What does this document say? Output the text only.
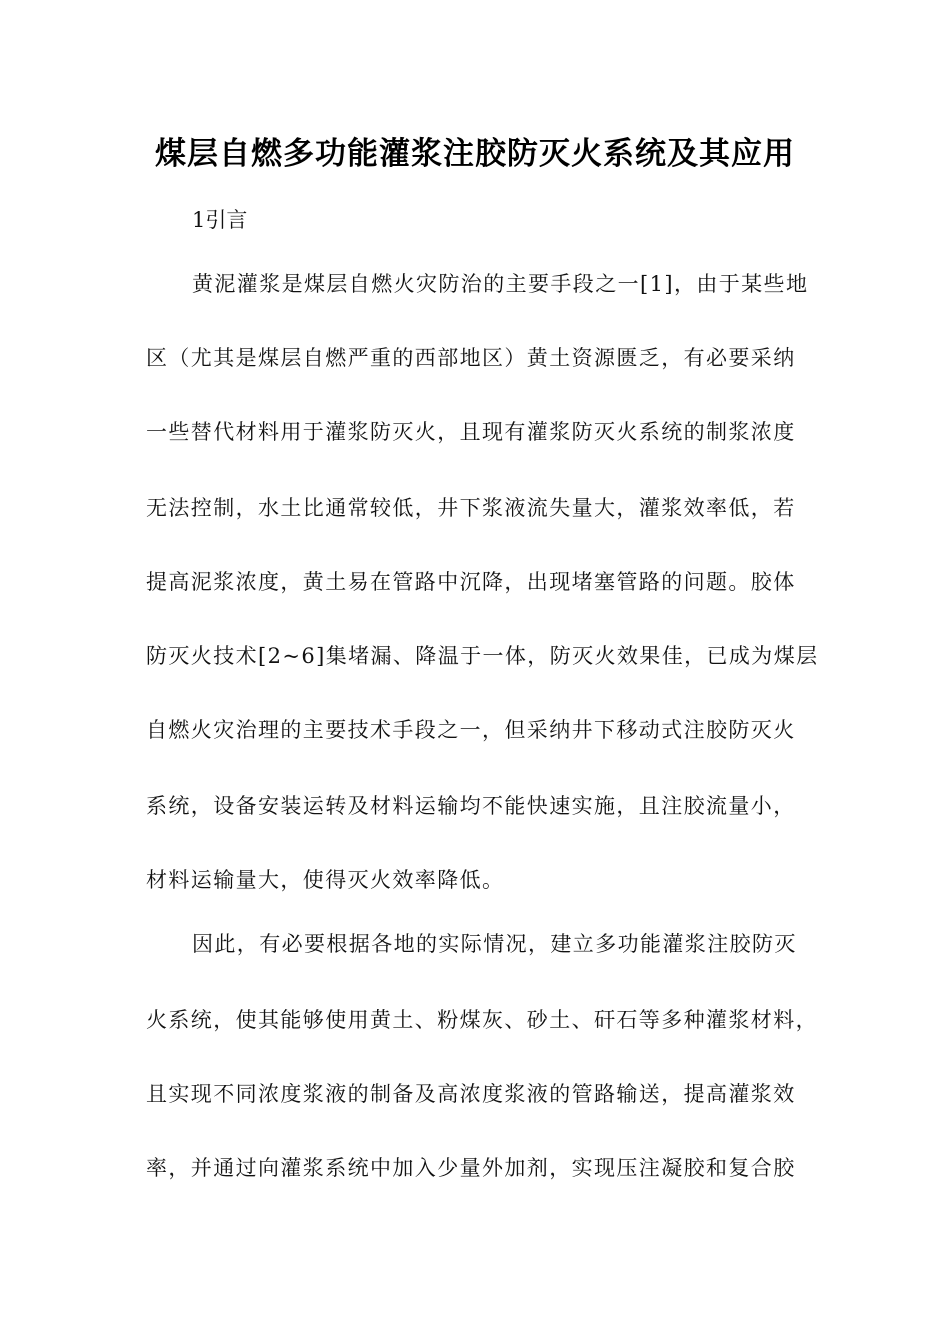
煤层自燃多功能灌浆注胶防灭火系统及其应用

1引言

黄泥灌浆是煤层自燃火灾防治的主要手段之一[1]，由于某些地

区（尤其是煤层自燃严重的西部地区）黄土资源匮乏，有必要采纳

一些替代材料用于灌浆防灭火，且现有灌浆防灭火系统的制浆浓度

无法控制，水土比通常较低，井下浆液流失量大，灌浆效率低，若

提高泥浆浓度，黄土易在管路中沉降，出现堵塞管路的问题。胶体

防灭火技术[2~6]集堵漏、降温于一体，防灭火效果佳，已成为煤层

自燃火灾治理的主要技术手段之一，但采纳井下移动式注胶防灭火

系统，设备安装运转及材料运输均不能快速实施，且注胶流量小，

材料运输量大，使得灭火效率降低。

因此，有必要根据各地的实际情况，建立多功能灌浆注胶防灭

火系统，使其能够使用黄土、粉煤灰、砂土、矸石等多种灌浆材料，

且实现不同浓度浆液的制备及高浓度浆液的管路输送，提高灌浆效

率，并通过向灌浆系统中加入少量外加剂，实现压注凝胶和复合胶
